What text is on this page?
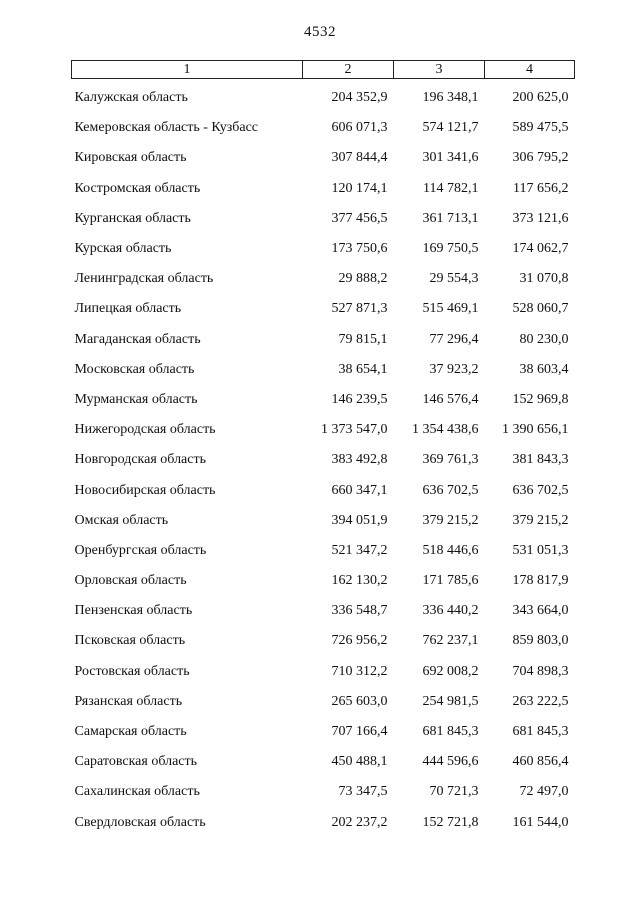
4532
1	2	3	4
Калужская область	204 352,9	196 348,1	200 625,0
Кемеровская область - Кузбасс	606 071,3	574 121,7	589 475,5
Кировская область	307 844,4	301 341,6	306 795,2
Костромская область	120 174,1	114 782,1	117 656,2
Курганская область	377 456,5	361 713,1	373 121,6
Курская область	173 750,6	169 750,5	174 062,7
Ленинградская область	29 888,2	29 554,3	31 070,8
Липецкая область	527 871,3	515 469,1	528 060,7
Магаданская область	79 815,1	77 296,4	80 230,0
Московская область	38 654,1	37 923,2	38 603,4
Мурманская область	146 239,5	146 576,4	152 969,8
Нижегородская область	1 373 547,0	1 354 438,6	1 390 656,1
Новгородская область	383 492,8	369 761,3	381 843,3
Новосибирская область	660 347,1	636 702,5	636 702,5
Омская область	394 051,9	379 215,2	379 215,2
Оренбургская область	521 347,2	518 446,6	531 051,3
Орловская область	162 130,2	171 785,6	178 817,9
Пензенская область	336 548,7	336 440,2	343 664,0
Псковская область	726 956,2	762 237,1	859 803,0
Ростовская область	710 312,2	692 008,2	704 898,3
Рязанская область	265 603,0	254 981,5	263 222,5
Самарская область	707 166,4	681 845,3	681 845,3
Саратовская область	450 488,1	444 596,6	460 856,4
Сахалинская область	73 347,5	70 721,3	72 497,0
Свердловская область	202 237,2	152 721,8	161 544,0
